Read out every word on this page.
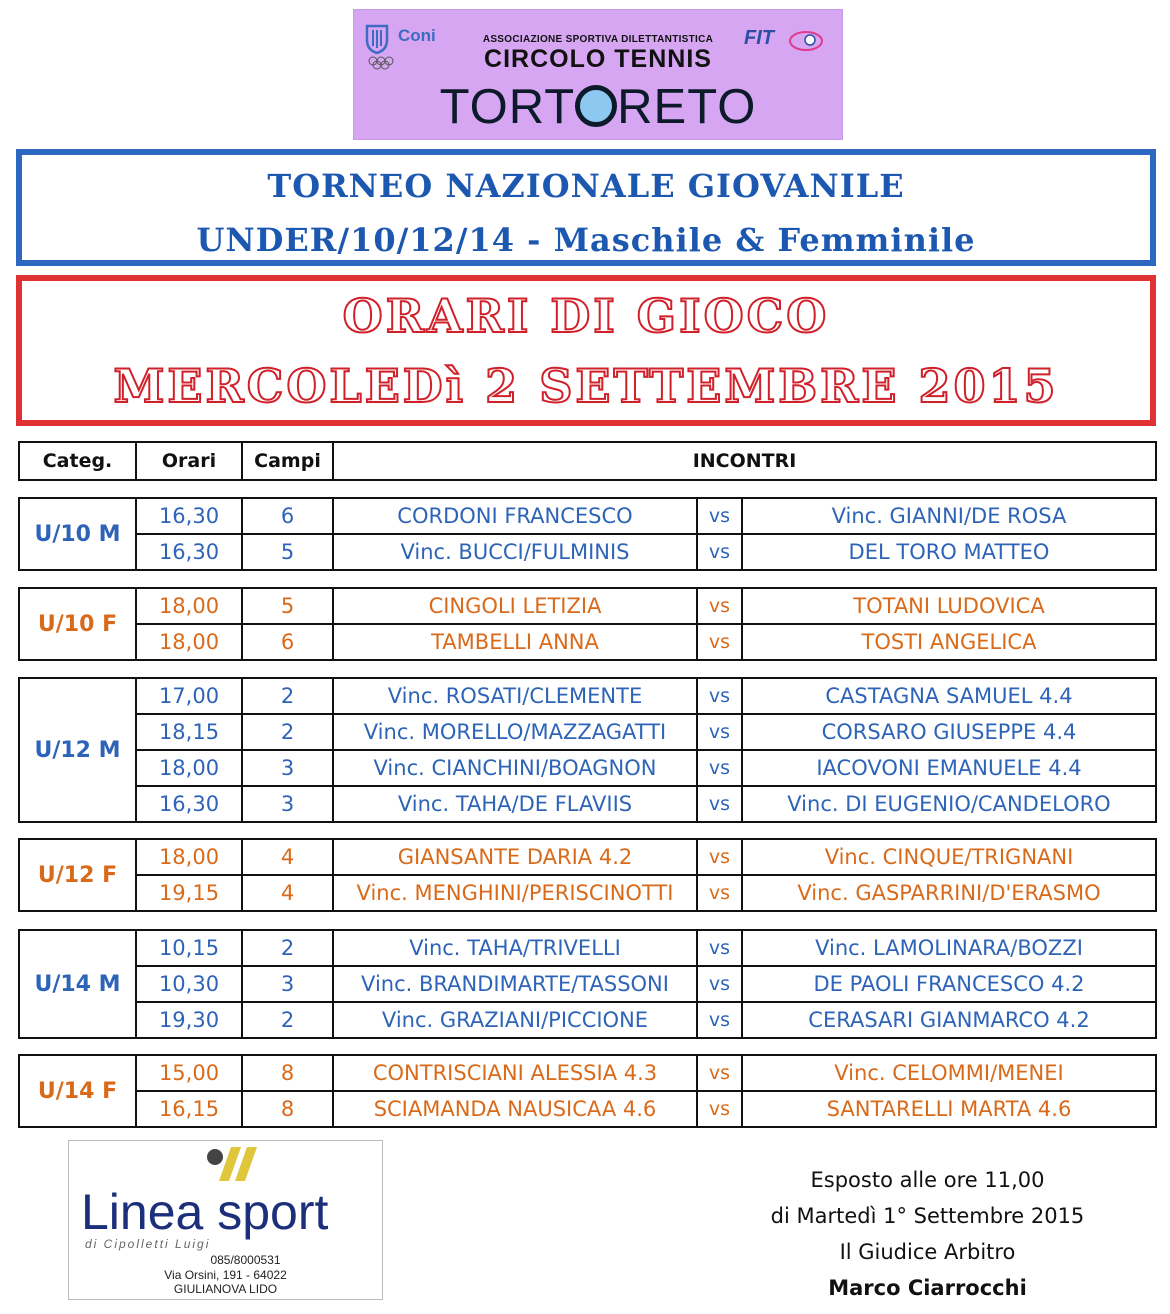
Coni	FIT
ASSOCIAZIONE SPORTIVA DILETTANTISTICA
CIRCOLO TENNIS
TORT RETO
TORNEO NAZIONALE GIOVANILE
UNDER/10/12/14 - Maschile & Femminile
ORARI DI GIOCO
MERCOLEDì 2 SETTEMBRE 2015
Categ.	Orari	Campi	INCONTRI
U/10 M	16,30	6	CORDONI FRANCESCO	vs	Vinc. GIANNI/DE ROSA
	16,30	5	Vinc. BUCCI/FULMINIS	vs	DEL TORO MATTEO
U/10 F	18,00	5	CINGOLI LETIZIA	vs	TOTANI LUDOVICA
	18,00	6	TAMBELLI ANNA	vs	TOSTI ANGELICA
U/12 M	17,00	2	Vinc. ROSATI/CLEMENTE	vs	CASTAGNA SAMUEL 4.4
	18,15	2	Vinc. MORELLO/MAZZAGATTI	vs	CORSARO GIUSEPPE 4.4
	18,00	3	Vinc. CIANCHINI/BOAGNON	vs	IACOVONI EMANUELE 4.4
	16,30	3	Vinc. TAHA/DE FLAVIIS	vs	Vinc. DI EUGENIO/CANDELORO
U/12 F	18,00	4	GIANSANTE DARIA 4.2	vs	Vinc. CINQUE/TRIGNANI
	19,15	4	Vinc. MENGHINI/PERISCINOTTI	vs	Vinc. GASPARRINI/D'ERASMO
U/14 M	10,15	2	Vinc. TAHA/TRIVELLI	vs	Vinc. LAMOLINARA/BOZZI
	10,30	3	Vinc. BRANDIMARTE/TASSONI	vs	DE PAOLI FRANCESCO 4.2
	19,30	2	Vinc. GRAZIANI/PICCIONE	vs	CERASARI GIANMARCO 4.2
U/14 F	15,00	8	CONTRISCIANI ALESSIA 4.3	vs	Vinc. CELOMMI/MENEI
	16,15	8	SCIAMANDA NAUSICAA 4.6	vs	SANTARELLI MARTA 4.6
Linea sport
di Cipolletti Luigi
085/8000531
Via Orsini, 191 - 64022
GIULIANOVA LIDO
Esposto alle ore 11,00
di Martedì 1° Settembre 2015
Il Giudice Arbitro
Marco Ciarrocchi
